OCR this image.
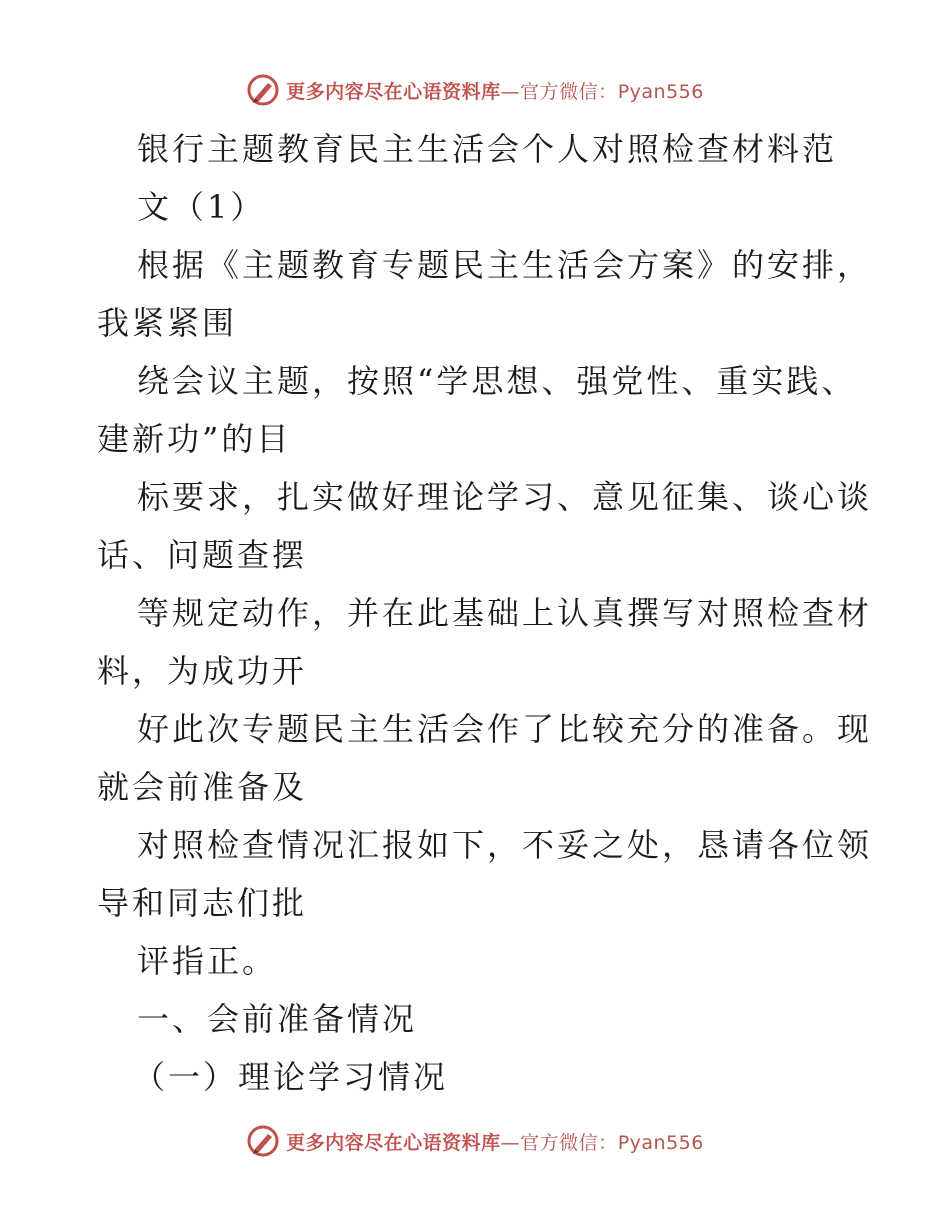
更多内容尽在心语资料库—官方微信：Pyan556
银行主题教育民主生活会个人对照检查材料范
文（1）
根据《主题教育专题民主生活会方案》的安排，
我紧紧围
绕会议主题，按照“学思想、强党性、重实践、
建新功”的目
标要求，扎实做好理论学习、意见征集、谈心谈
话、问题查摆
等规定动作，并在此基础上认真撰写对照检查材
料，为成功开
好此次专题民主生活会作了比较充分的准备。现
就会前准备及
对照检查情况汇报如下，不妥之处，恳请各位领
导和同志们批
评指正。
一、会前准备情况
（一）理论学习情况
更多内容尽在心语资料库—官方微信：Pyan556
